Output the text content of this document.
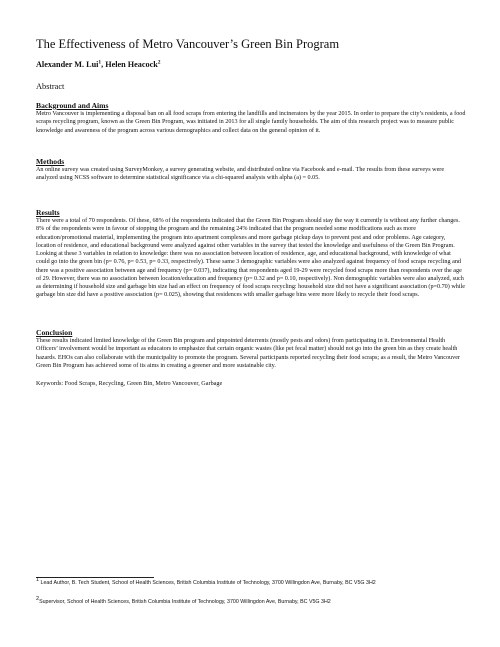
The Effectiveness of Metro Vancouver’s Green Bin Program
Alexander M. Lui$^1$, Helen Heacock$^2$
Abstract
Background and Aims

Metro Vancouver is implementing a disposal ban on all food scraps from entering the landfills and incinerators by the year 2015. In order to prepare the city’s residents, a food scraps recycling program, known as the Green Bin Program, was initiated in 2013 for all single family households. The aim of this research project was to measure public knowledge and awareness of the program across various demographics and collect data on the general opinion of it.

Methods

An online survey was created using SurveyMonkey, a survey generating website, and distributed online via Facebook and e-mail. The results from these surveys were analyzed using NCSS software to determine statistical significance via a chi-squared analysis with alpha (a) = 0.05.

Results

There were a total of 70 respondents. Of these, 68% of the respondents indicated that the Green Bin Program should stay the way it currently is without any further changes. 8% of the respondents were in favour of stopping the program and the remaining 24% indicated that the program needed some modifications such as more education/promotional material, implementing the program into apartment complexes and more garbage pickup days to prevent pest and odor problems. Age category, location of residence, and educational background were analyzed against other variables in the survey that tested the knowledge and usefulness of the Green Bin Program. Looking at these 3 variables in relation to knowledge: there was no association between location of residence, age, and educational background, with knowledge of what could go into the green bin (p= 0.76, p= 0.53, p= 0.33, respectively). These same 3 demographic variables were also analyzed against frequency of food scraps recycling and there was a positive association between age and frequency (p= 0.037), indicating that respondents aged 19-29 were recycled food scraps more than respondents over the age of 29. However, there was no association between location/education and frequency (p= 0.32 and p= 0.10, respectively). Non demographic variables were also analyzed, such as determining if household size and garbage bin size had an effect on frequency of food scraps recycling: household size did not have a significant association (p=0.70) while garbage bin size did have a positive association (p= 0.025), showing that residences with smaller garbage bins were more likely to recycle their food scraps.

Conclusion

These results indicated limited knowledge of the Green Bin program and pinpointed deterrents (mostly pests and odors) from participating in it. Environmental Health Officers’ involvement would be important as educators to emphasize that certain organic wastes (like pet fecal matter) should not go into the green bin as they create health hazards. EHOs can also collaborate with the municipality to promote the program. Several participants reported recycling their food scraps; as a result, the Metro Vancouver Green Bin Program has achieved some of its aims in creating a greener and more sustainable city.

Keywords: Food Scraps, Recycling, Green Bin, Metro Vancouver, Garbage
$^1$ Lead Author, B. Tech Student, School of Health Sciences, British Columbia Institute of Technology, 3700 Willingdon Ave, Burnaby, BC V5G 3H2
$^2$Supervisor, School of Health Sciences, British Columbia Institute of Technology, 3700 Willingdon Ave, Burnaby, BC V5G 3H2
